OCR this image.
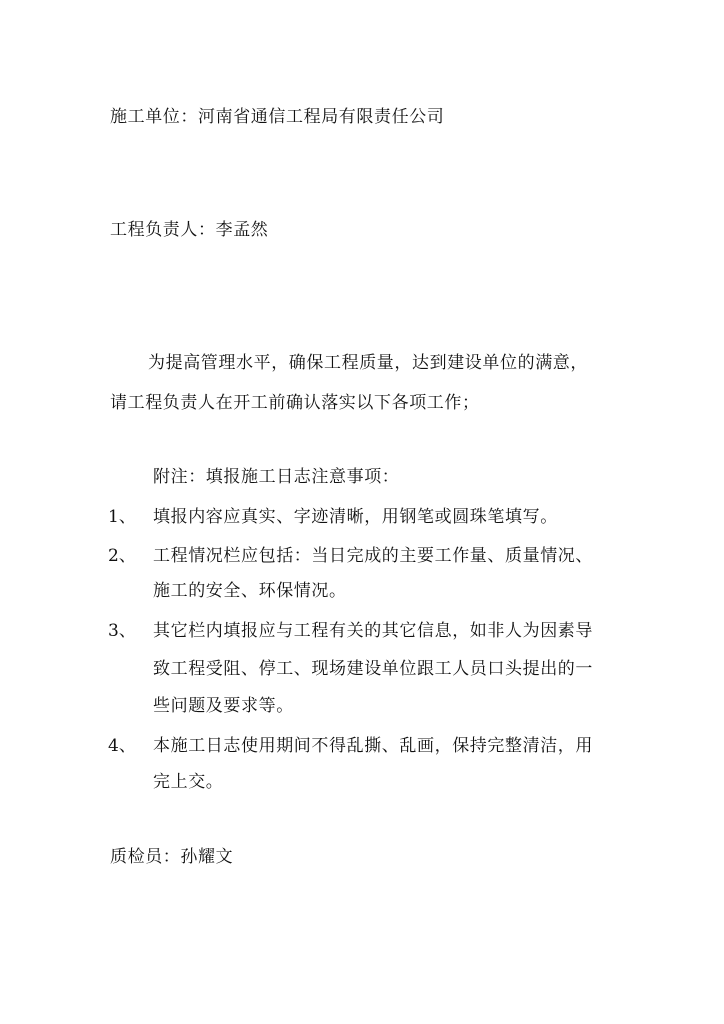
施工单位：河南省通信工程局有限责任公司
工程负责人：李孟然
为提高管理水平，确保工程质量，达到建设单位的满意，
请工程负责人在开工前确认落实以下各项工作；
附注：填报施工日志注意事项：
1、 填报内容应真实、字迹清晰，用钢笔或圆珠笔填写。
2、 工程情况栏应包括：当日完成的主要工作量、质量情况、
施工的安全、环保情况。
3、 其它栏内填报应与工程有关的其它信息，如非人为因素导
致工程受阻、停工、现场建设单位跟工人员口头提出的一
些问题及要求等。
4、 本施工日志使用期间不得乱撕、乱画，保持完整清洁，用
完上交。
质检员：孙耀文
